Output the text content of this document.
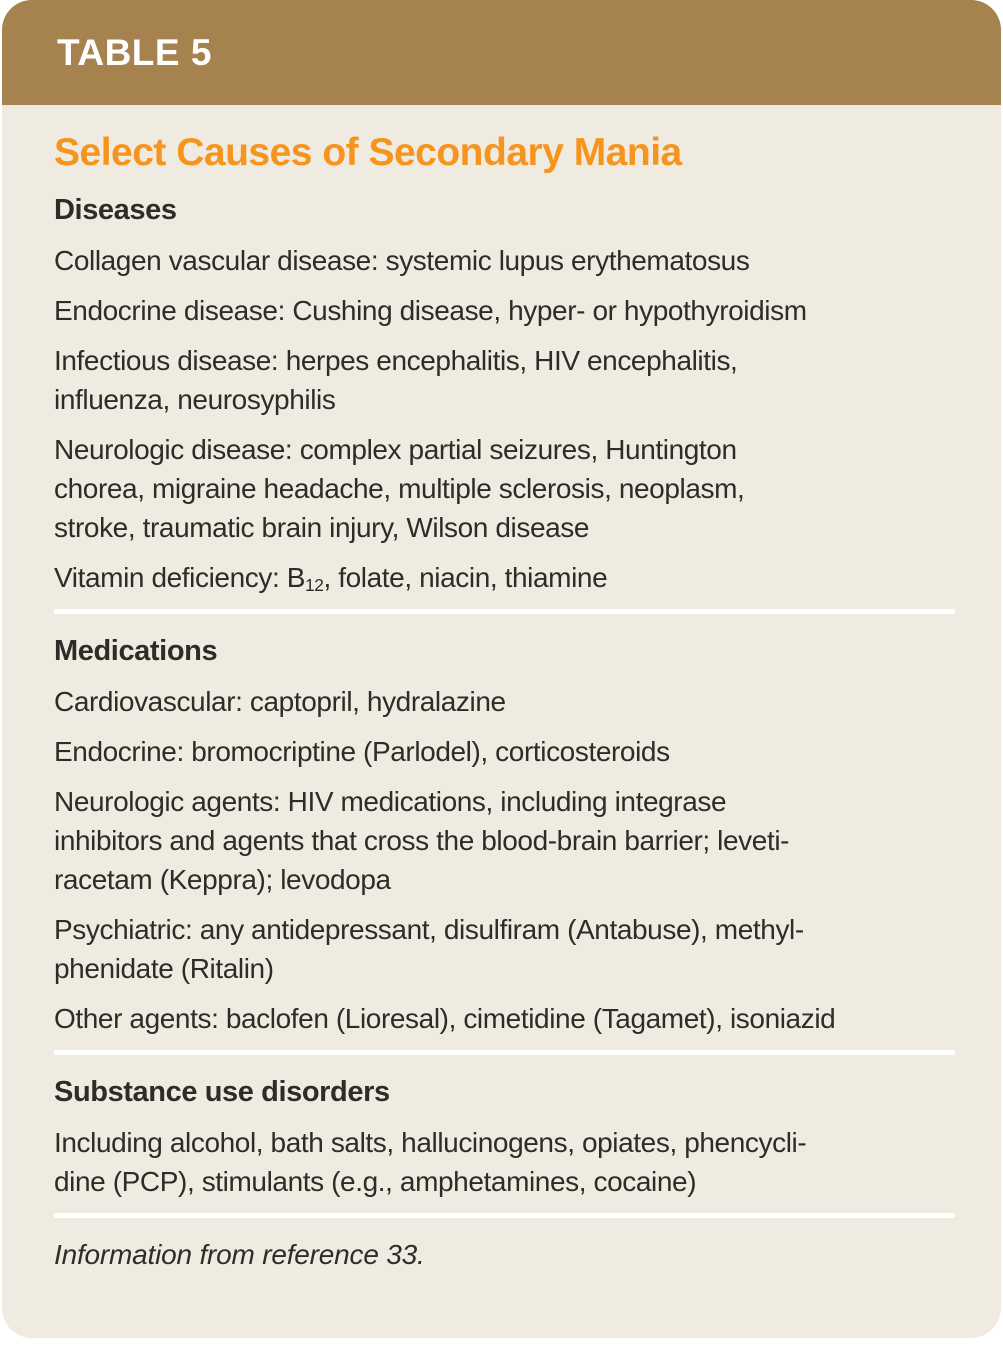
TABLE 5
Select Causes of Secondary Mania
Diseases
Collagen vascular disease: systemic lupus erythematosus
Endocrine disease: Cushing disease, hyper- or hypothyroidism
Infectious disease: herpes encephalitis, HIV encephalitis,
influenza, neurosyphilis
Neurologic disease: complex partial seizures, Huntington
chorea, migraine headache, multiple sclerosis, neoplasm,
stroke, traumatic brain injury, Wilson disease
Vitamin deficiency: $B_{12}$, folate, niacin, thiamine
Medications
Cardiovascular: captopril, hydralazine
Endocrine: bromocriptine (Parlodel), corticosteroids
Neurologic agents: HIV medications, including integrase
inhibitors and agents that cross the blood-brain barrier; leveti-
racetam (Keppra); levodopa
Psychiatric: any antidepressant, disulfiram (Antabuse), methyl-
phenidate (Ritalin)
Other agents: baclofen (Lioresal), cimetidine (Tagamet), isoniazid
Substance use disorders
Including alcohol, bath salts, hallucinogens, opiates, phencycli-
dine (PCP), stimulants (e.g., amphetamines, cocaine)
Information from reference 33.
